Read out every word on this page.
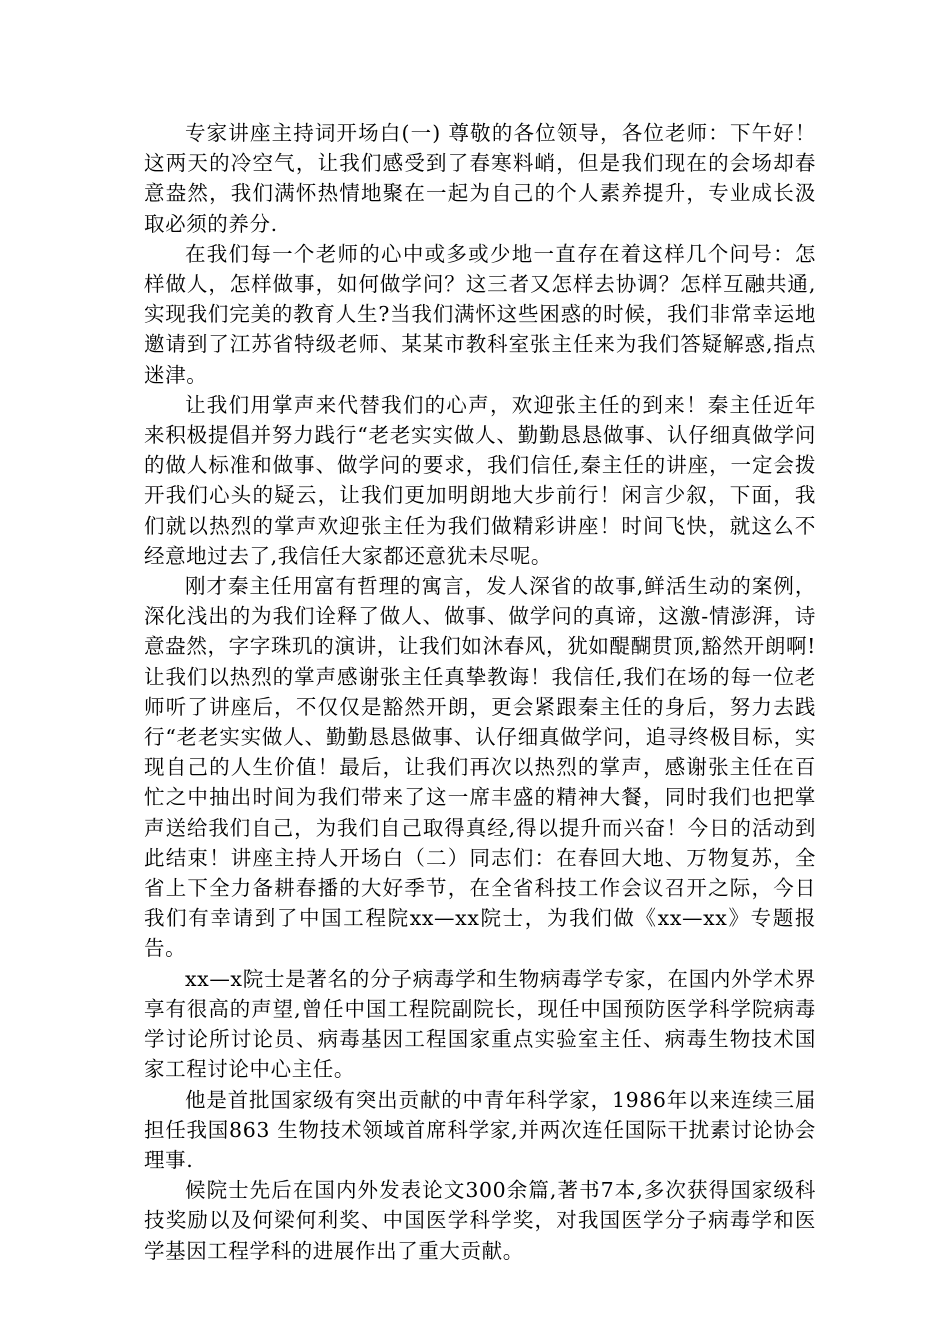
专家讲座主持词开场白(一) 尊敬的各位领导，各位老师：下午好！这两天的冷空气，让我们感受到了春寒料峭，但是我们现在的会场却春意盎然，我们满怀热情地聚在一起为自己的个人素养提升，专业成长汲取必须的养分.

在我们每一个老师的心中或多或少地一直存在着这样几个问号：怎样做人，怎样做事，如何做学问？这三者又怎样去协调？怎样互融共通,实现我们完美的教育人生?当我们满怀这些困惑的时候，我们非常幸运地邀请到了江苏省特级老师、某某市教科室张主任来为我们答疑解惑,指点迷津。

让我们用掌声来代替我们的心声，欢迎张主任的到来！秦主任近年来积极提倡并努力践行“老老实实做人、勤勤恳恳做事、认仔细真做学问的做人标准和做事、做学问的要求，我们信任,秦主任的讲座，一定会拨开我们心头的疑云，让我们更加明朗地大步前行！闲言少叙，下面，我们就以热烈的掌声欢迎张主任为我们做精彩讲座！时间飞快，就这么不经意地过去了,我信任大家都还意犹未尽呢。

刚才秦主任用富有哲理的寓言，发人深省的故事,鲜活生动的案例，深化浅出的为我们诠释了做人、做事、做学问的真谛，这激-情澎湃，诗意盎然，字字珠玑的演讲，让我们如沐春风，犹如醍醐贯顶,豁然开朗啊!让我们以热烈的掌声感谢张主任真挚教诲！我信任,我们在场的每一位老师听了讲座后，不仅仅是豁然开朗，更会紧跟秦主任的身后，努力去践行“老老实实做人、勤勤恳恳做事、认仔细真做学问，追寻终极目标，实现自己的人生价值！最后，让我们再次以热烈的掌声，感谢张主任在百忙之中抽出时间为我们带来了这一席丰盛的精神大餐，同时我们也把掌声送给我们自己，为我们自己取得真经,得以提升而兴奋！今日的活动到此结束！讲座主持人开场白（二）同志们：在春回大地、万物复苏，全省上下全力备耕春播的大好季节，在全省科技工作会议召开之际，今日我们有幸请到了中国工程院xx—xx院士，为我们做《xx—xx》专题报告。

xx—x院士是著名的分子病毒学和生物病毒学专家，在国内外学术界享有很高的声望,曾任中国工程院副院长，现任中国预防医学科学院病毒学讨论所讨论员、病毒基因工程国家重点实验室主任、病毒生物技术国家工程讨论中心主任。

他是首批国家级有突出贡献的中青年科学家，1986年以来连续三届担任我国863 生物技术领域首席科学家,并两次连任国际干扰素讨论协会理事.

候院士先后在国内外发表论文300余篇,著书7本,多次获得国家级科技奖励以及何梁何利奖、中国医学科学奖，对我国医学分子病毒学和医学基因工程学科的进展作出了重大贡献。
